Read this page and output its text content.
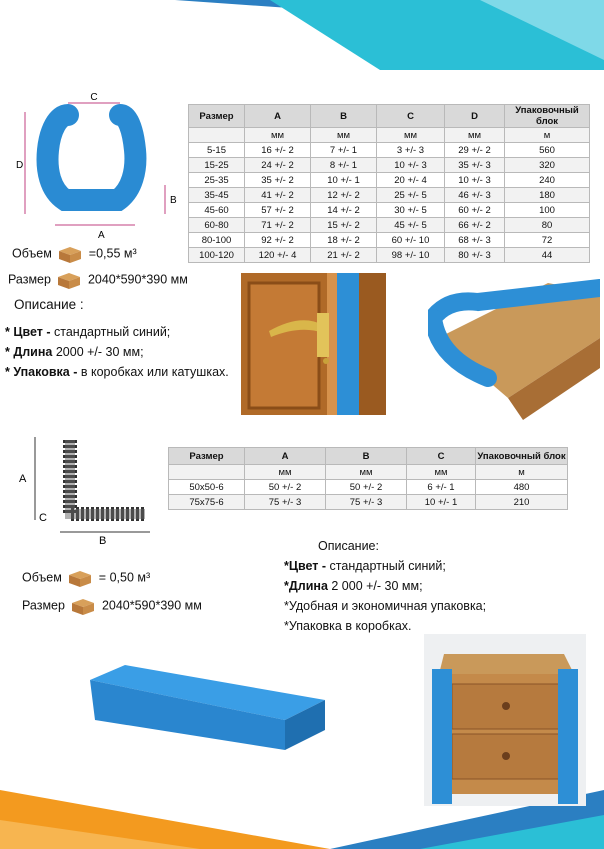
C
D
B
A
Размер	A	B	C	D	Упаковочный блок
	мм	мм	мм	мм	м
5-15	16 +/- 2	7 +/- 1	3 +/- 3	29 +/- 2	560
15-25	24 +/- 2	8 +/- 1	10 +/- 3	35 +/- 3	320
25-35	35 +/- 2	10 +/- 1	20 +/- 4	10 +/- 3	240
35-45	41 +/- 2	12 +/- 2	25 +/- 5	46 +/- 3	180
45-60	57 +/- 2	14 +/- 2	30 +/- 5	60 +/- 2	100
60-80	71 +/- 2	15 +/- 2	45 +/- 5	66 +/- 2	80
80-100	92 +/- 2	18 +/- 2	60 +/- 10	68 +/- 3	72
100-120	120 +/- 4	21 +/- 2	98 +/- 10	80 +/- 3	44
Объем	=0,55 м³
Размер	2040*590*390 мм
Описание :
* Цвет - стандартный синий;
* Длина 2000 +/- 30 мм;
* Упаковка - в коробках или катушках.
A
C
B
Размер	A	B	C	Упаковочный блок
	мм	мм	мм	м
50x50-6	50 +/- 2	50 +/- 2	6 +/- 1	480
75x75-6	75 +/- 3	75 +/- 3	10 +/- 1	210
Объем	= 0,50 м³
Размер	2040*590*390 мм
Описание:
*Цвет - стандартный синий;
*Длина 2 000 +/- 30 мм;
*Удобная и экономичная упаковка;
*Упаковка в коробках.
